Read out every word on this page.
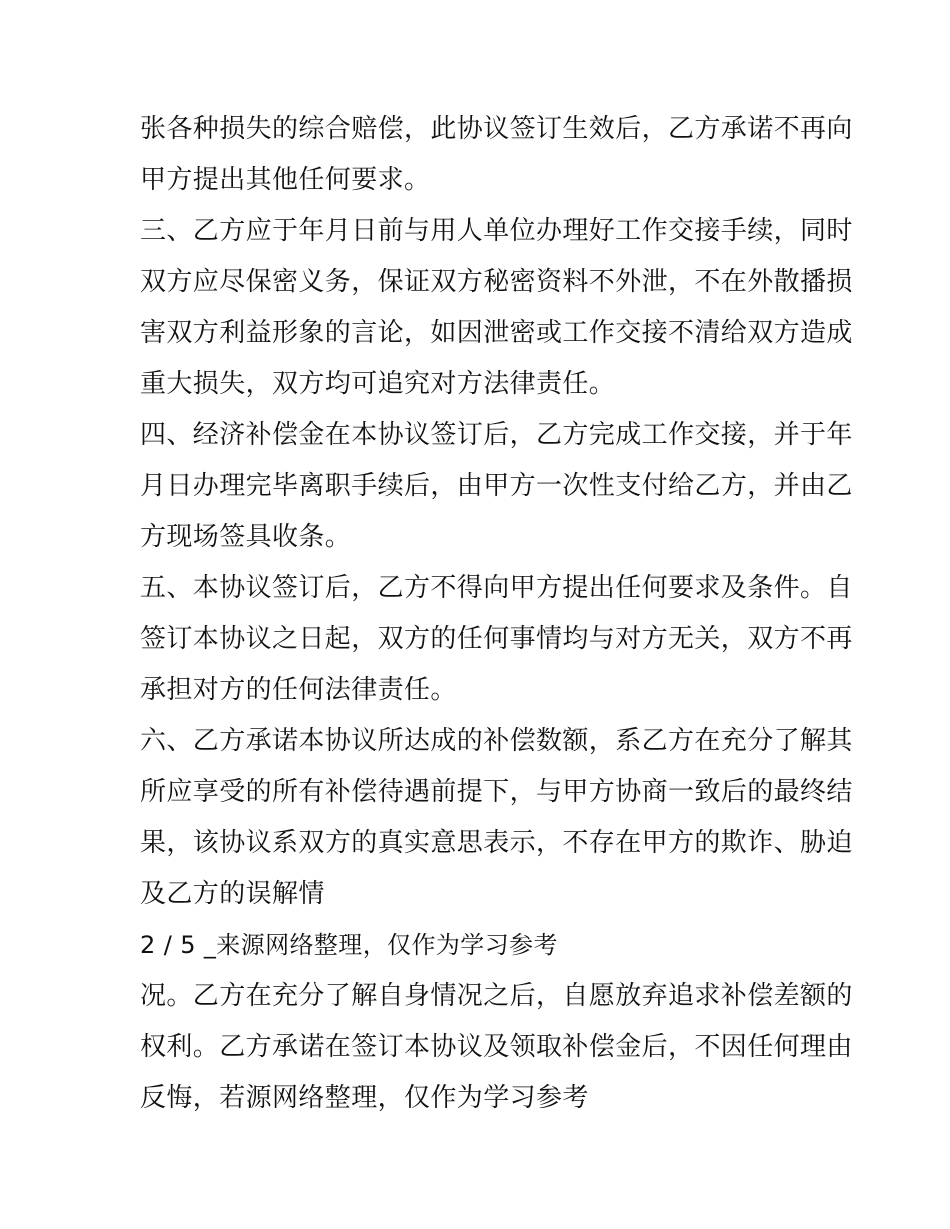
张各种损失的综合赔偿，此协议签订生效后，乙方承诺不再向
甲方提出其他任何要求。
三、乙方应于年月日前与用人单位办理好工作交接手续，同时
双方应尽保密义务，保证双方秘密资料不外泄，不在外散播损
害双方利益形象的言论，如因泄密或工作交接不清给双方造成
重大损失，双方均可追究对方法律责任。
四、经济补偿金在本协议签订后，乙方完成工作交接，并于年
月日办理完毕离职手续后，由甲方一次性支付给乙方，并由乙
方现场签具收条。
五、本协议签订后，乙方不得向甲方提出任何要求及条件。自
签订本协议之日起，双方的任何事情均与对方无关，双方不再
承担对方的任何法律责任。
六、乙方承诺本协议所达成的补偿数额，系乙方在充分了解其
所应享受的所有补偿待遇前提下，与甲方协商一致后的最终结
果，该协议系双方的真实意思表示，不存在甲方的欺诈、胁迫
及乙方的误解情
2 / 5 _来源网络整理，仅作为学习参考
况。乙方在充分了解自身情况之后，自愿放弃追求补偿差额的
权利。乙方承诺在签订本协议及领取补偿金后，不因任何理由
反悔，若源网络整理，仅作为学习参考
